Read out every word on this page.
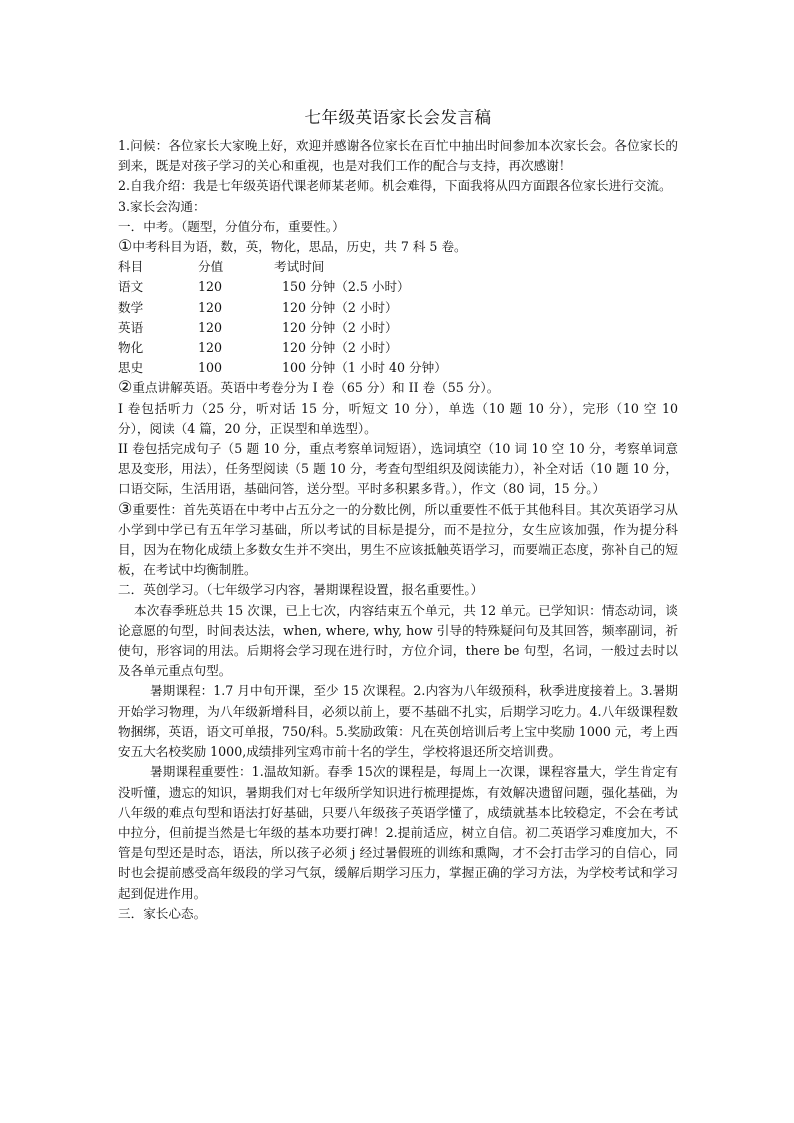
七年级英语家长会发言稿

1.问候：各位家长大家晚上好，欢迎并感谢各位家长在百忙中抽出时间参加本次家长会。各位家长的到来，既是对孩子学习的关心和重视，也是对我们工作的配合与支持，再次感谢！

2.自我介绍：我是七年级英语代课老师某老师。机会难得，下面我将从四方面跟各位家长进行交流。

3.家长会沟通：

一．中考。（题型，分值分布，重要性。）

①中考科目为语，数，英，物化，思品，历史，共 7 科 5 卷。

科目	分值	考试时间
语文	120	150 分钟（2.5 小时）
数学	120	120 分钟（2 小时）
英语	120	120 分钟（2 小时）
物化	120	120 分钟（2 小时）
思史	100	100 分钟（1 小时 40 分钟）

②重点讲解英语。英语中考卷分为 I 卷（65 分）和 II 卷（55 分）。

I 卷包括听力（25 分，听对话 15 分，听短文 10 分），单选（10 题 10 分），完形（10 空 10 分），阅读（4 篇，20 分，正误型和单选型）。

II 卷包括完成句子（5 题 10 分，重点考察单词短语），选词填空（10 词 10 空 10 分，考察单词意思及变形，用法），任务型阅读（5 题 10 分，考查句型组织及阅读能力），补全对话（10 题 10 分，口语交际，生活用语，基础问答，送分型。平时多积累多背。），作文（80 词，15 分。）

③重要性：首先英语在中考中占五分之一的分数比例，所以重要性不低于其他科目。其次英语学习从小学到中学已有五年学习基础，所以考试的目标是提分，而不是拉分，女生应该加强，作为提分科目，因为在物化成绩上多数女生并不突出，男生不应该抵触英语学习，而要端正态度，弥补自己的短板，在考试中均衡制胜。

二．英创学习。（七年级学习内容，暑期课程设置，报名重要性。）

本次春季班总共 15 次课，已上七次，内容结束五个单元，共 12 单元。已学知识：情态动词，谈论意愿的句型，时间表达法，when, where, why, how 引导的特殊疑问句及其回答，频率副词，祈使句，形容词的用法。后期将会学习现在进行时，方位介词，there be 句型，名词，一般过去时以及各单元重点句型。

暑期课程：1.7 月中旬开课，至少 15 次课程。2.内容为八年级预科，秋季进度接着上。3.暑期开始学习物理，为八年级新增科目，必须以前上，要不基础不扎实，后期学习吃力。4.八年级课程数物捆绑，英语，语文可单报，750/科。5.奖励政策：凡在英创培训后考上宝中奖励 1000 元，考上西安五大名校奖励 1000,成绩排列宝鸡市前十名的学生，学校将退还所交培训费。

暑期课程重要性：1.温故知新。春季 15次的课程是，每周上一次课，课程容量大，学生肯定有没听懂，遗忘的知识，暑期我们对七年级所学知识进行梳理提炼，有效解决遗留问题，强化基础，为八年级的难点句型和语法打好基础，只要八年级孩子英语学懂了，成绩就基本比较稳定，不会在考试中拉分，但前提当然是七年级的基本功要打碑！2.提前适应，树立自信。初二英语学习难度加大，不管是句型还是时态，语法，所以孩子必须 j 经过暑假班的训练和熏陶，才不会打击学习的自信心，同时也会提前感受高年级段的学习气氛，缓解后期学习压力，掌握正确的学习方法，为学校考试和学习起到促进作用。

三．家长心态。
